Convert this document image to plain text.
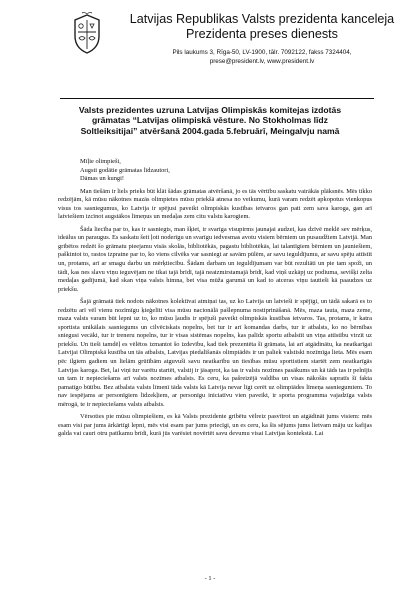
Latvijas Republikas Valsts prezidenta kanceleja
Prezidenta preses dienests
Pils laukums 3, Rīga-50, LV-1900, tālr. 7092122, fakss 7324404,
prese@president.lv, www.president.lv
Valsts prezidentes uzruna Latvijas Olimpiskās komitejas izdotās
grāmatas “Latvijas olimpiskā vēsture. No Stokholmas līdz
Soltleiksitijai” atvēršanā 2004.gada 5.februārī, Meingalvju namā

Mīļie olimpieši,

Augsti godātie grāmatas līdzautori,

Dāmas un kungi!

Man tiešām ir liels prieks būt klāt šādas grāmatas atvēršanā, jo es tās vērtību saskatu vairākās plāksnēs. Mēs tikko redzējām, kā mūsu nākotnes mazās olimpietes mūsu priekšā atnesa no veikumu, kurā varam redzēt apkopotus vienkopus visus tos sasniegumus, ko Latvija ir spējusi paveikt olimpiskās kustības ietvaros gan pati zem sava karoga, gan arī latviešiem izcīnot augstākos līmeņus un medaļas zem citu valstu karogiem.

Šāda liecība par to, kas ir sasniegts, man šķiet, ir svarīga visupirms jaunajai audzei, kas dzīvē meklē sev mērķus, ideālus un paraugus. Es saskatu šeit ļoti noderīgu un svarīgu iedvesmas avotu visiem bērniem un pusaudžiem Latvijā. Man gribētos redzēt šo grāmatu pieejamu visās skolās, bibliotēkās, pagastu bibliotēkās, lai talantīgiem bērniem un jauniešiem, paškintot to, rastos izpratne par to, ko viens cilvēks var sasniegt ar savām pūlēm, ar savu ieguldījumu, ar savu spēju attīstīt un, protams, arī ar smagu darbu un mērķtiecību. Šādam darbam un ieguldījumam var būt rezultāti un pie tam spoži, un tādi, kas nes slavu viņu ieguvējam ne tikai tajā brīdī, tajā neaizmirstamajā brīdī, kad viņš uzkāpj uz podiuma, sevišķi zelta medaļas gadījumā, kad skan viņa valsts himna, bet visa mūža garumā un kad to atceras viņu tautieši kā paaudzes uz priekšu.

Šajā grāmatā tiek nodots nākotnes kolektīvai atmiņai tas, uz ko Latvija un latvieši ir spējīgi, un tādā sakarā es to redzētu arī vēl vienu nozīmīgu ķieģelīti visa mūsu nacionālā pašlepnuma nostiprināšanā. Mēs, maza tauta, maza zeme, maza valsts varam būt lepni uz to, ko mūsu ļaudis ir spējuši paveikt olimpiskās kustības ietvaros. Tas, protams, ir katra sportista unikālais sasniegums un cilvēciskais nopelns, bet tur ir arī komandas darbs, tur ir atbalsts, ko no bērnības sniegusi vecāki, tur ir treneru nopelns, tur ir visas sistēmas nopelns, kas palīdz sportu atbalstīt un viņa attīstību virzīt uz priekšu. Un tieši tamdēļ es vēlētos izmantot šo izdevību, kad tiek prezentēta šī grāmata, lai arī atgādinātu, ka neatkarīgai Latvijai Olimpiskā kustība un tās atbalsts, Latvijas piedalīšanās olimpiādēs ir un paliek valstiski nozīmīga lieta. Mēs esam pēc ilgiem gadiem un lielām grūtībām atguvuši savu neatkarību un tiesības mūsu sportistiem startēt zem neatkarīgās Latvijas karoga. Bet, lai viņi tur varētu startēt, valstij ir jāsaprot, ka tas ir valsts nozīmes pasākums un kā tāds tas ir pelnījis un tam ir nepieciešams arī valsts nozīmes atbalsts. Es ceru, ka pašreizējā valdība un visas nākošās sapratīs šī fakta pamatīgo būtību. Bez atbalsta valsts līmenī tāda valsts kā Latvija nevar līgt cerēt uz olimpiādes līmeņa sasniegumiem. To nav iespējams ar personīgiem līdzekļiem, ar personīgu iniciatīvu vien paveikt, ir sporta programma vajadzīga valsts mērogā, te ir nepieciešams valsts atbalsts.

Vērsoties pie mūsu olimpiešiem, es kā Valsts prezidente gribētu vēlreiz pasvītrot un atgādināt jums visiem: mēs esam visi par jums ārkārtīgi lepni, mēs visi esam par jums priecīgi, un es ceru, ka šis sējums jums lietvam māju uz kafijas galda vai cauri otru patīkamu brīdi, kurā jūs varēsiet novērtēt savu devumu visai Latvijas kontekstā. Lai

- 1 -
